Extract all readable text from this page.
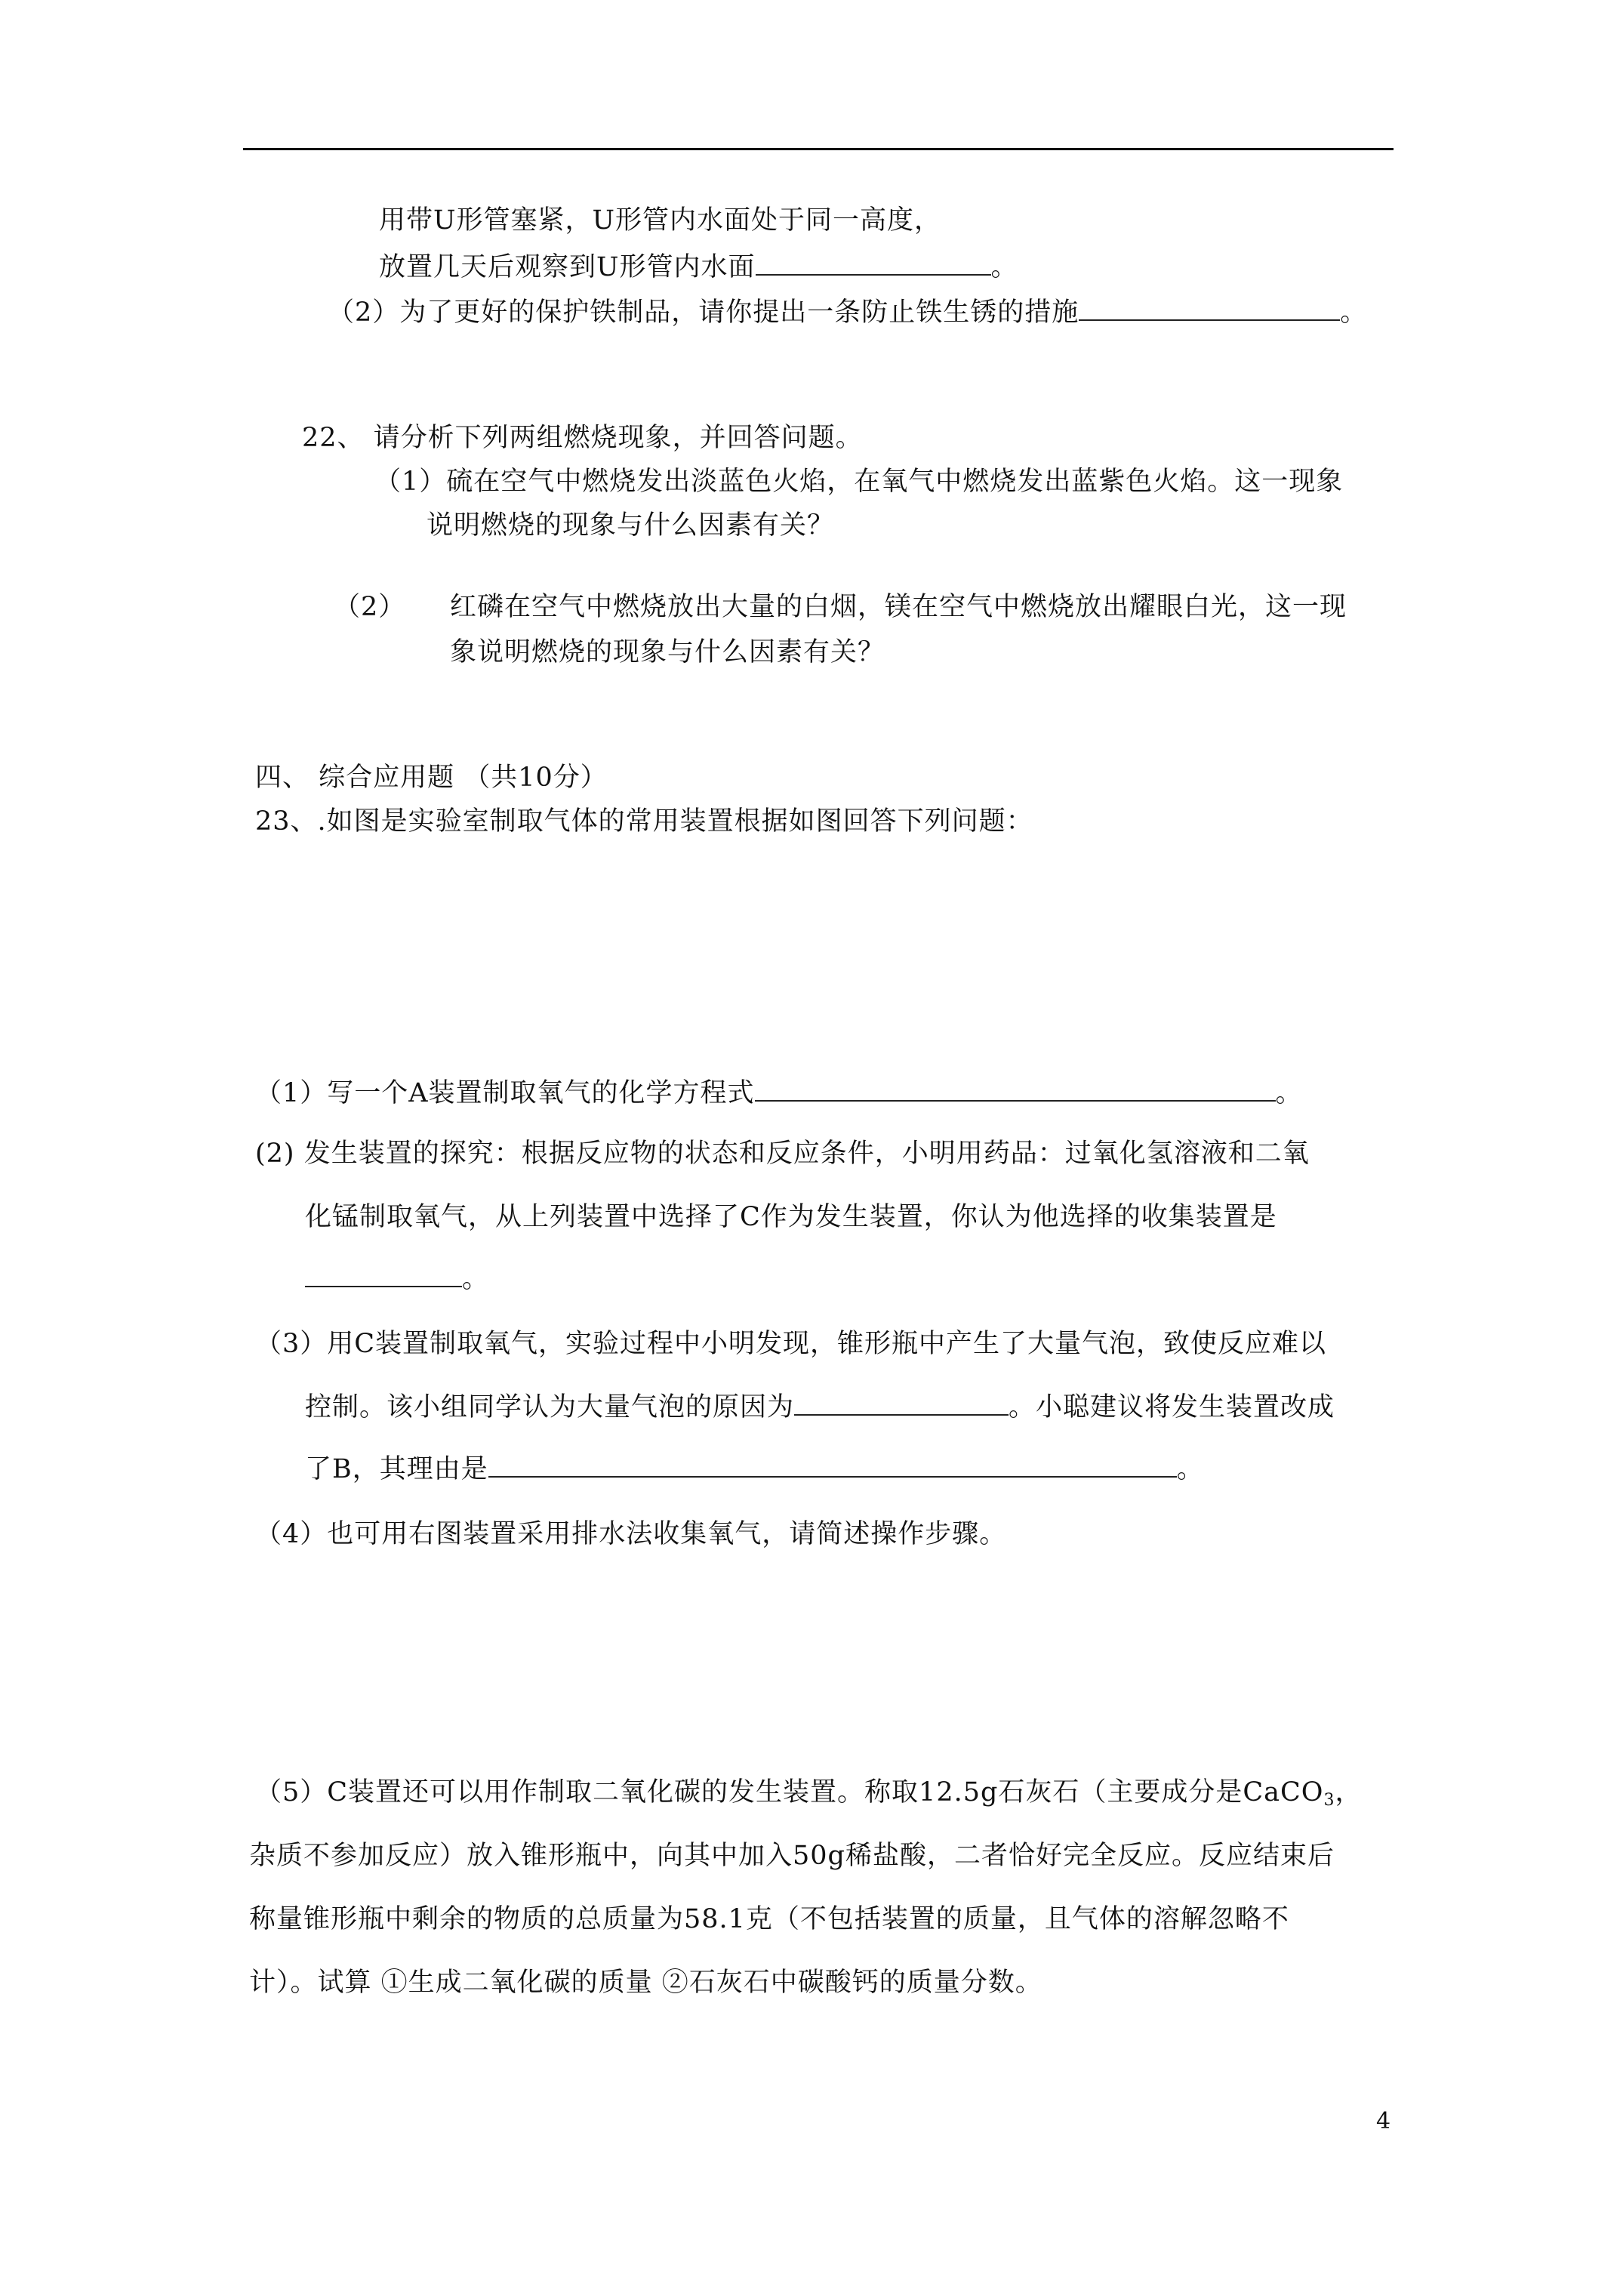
用带U形管塞紧，U形管内水面处于同一高度，
放置几天后观察到U形管内水面	。
（2）为了更好的保护铁制品，请你提出一条防止铁生锈的措施	。
22、 请分析下列两组燃烧现象，并回答问题。
（1）硫在空气中燃烧发出淡蓝色火焰，在氧气中燃烧发出蓝紫色火焰。这一现象
说明燃烧的现象与什么因素有关？
（2） 红磷在空气中燃烧放出大量的白烟，镁在空气中燃烧放出耀眼白光，这一现
象说明燃烧的现象与什么因素有关？
四、 综合应用题 （共10分）
23、.如图是实验室制取气体的常用装置根据如图回答下列问题：
（1）写一个A装置制取氧气的化学方程式	。
(2) 发生装置的探究：根据反应物的状态和反应条件，小明用药品：过氧化氢溶液和二氧
化锰制取氧气，从上列装置中选择了C作为发生装置，你认为他选择的收集装置是
。
（3）用C装置制取氧气，实验过程中小明发现，锥形瓶中产生了大量气泡，致使反应难以
控制。该小组同学认为大量气泡的原因为	。小聪建议将发生装置改成
了B，其理由是	。
（4）也可用右图装置采用排水法收集氧气，请简述操作步骤。
（5）C装置还可以用作制取二氧化碳的发生装置。称取12.5g石灰石（主要成分是CaCO$_3$，
杂质不参加反应）放入锥形瓶中，向其中加入50g稀盐酸，二者恰好完全反应。反应结束后
称量锥形瓶中剩余的物质的总质量为58.1克（不包括装置的质量，且气体的溶解忽略不
计）。试算 ①生成二氧化碳的质量 ②石灰石中碳酸钙的质量分数。
4
